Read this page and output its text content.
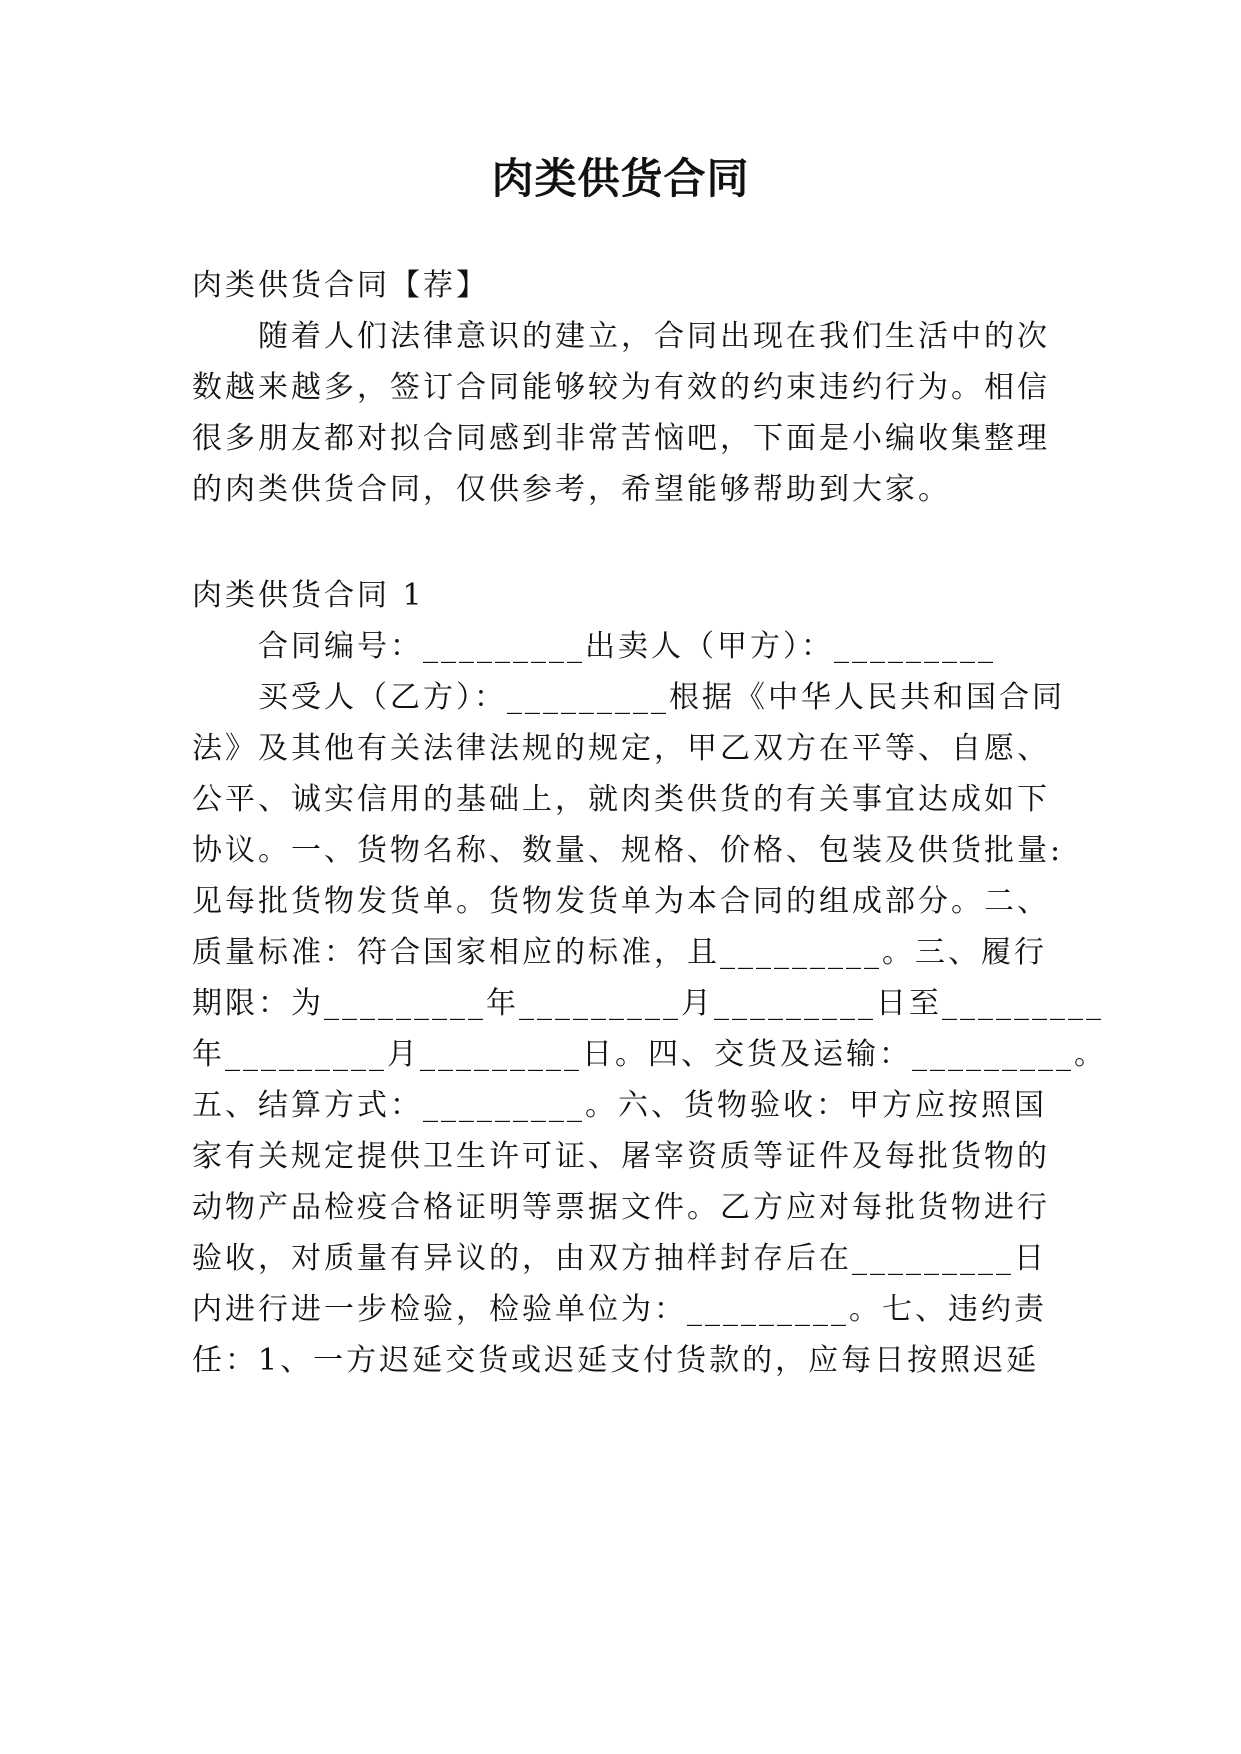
肉类供货合同
肉类供货合同【荐】
随着人们法律意识的建立，合同出现在我们生活中的次
数越来越多，签订合同能够较为有效的约束违约行为。相信
很多朋友都对拟合同感到非常苦恼吧，下面是小编收集整理
的肉类供货合同，仅供参考，希望能够帮助到大家。
肉类供货合同 1
合同编号：_________出卖人（甲方）：_________
买受人（乙方）：_________根据《中华人民共和国合同
法》及其他有关法律法规的规定，甲乙双方在平等、自愿、
公平、诚实信用的基础上，就肉类供货的有关事宜达成如下
协议。一、货物名称、数量、规格、价格、包装及供货批量:
见每批货物发货单。货物发货单为本合同的组成部分。二、
质量标准：符合国家相应的标准，且_________。三、履行
期限：为_________年_________月_________日至_________
年_________月_________日。四、交货及运输：_________。
五、结算方式：_________。六、货物验收：甲方应按照国
家有关规定提供卫生许可证、屠宰资质等证件及每批货物的
动物产品检疫合格证明等票据文件。乙方应对每批货物进行
验收，对质量有异议的，由双方抽样封存后在_________日
内进行进一步检验，检验单位为：_________。七、违约责
任：1、一方迟延交货或迟延支付货款的，应每日按照迟延
